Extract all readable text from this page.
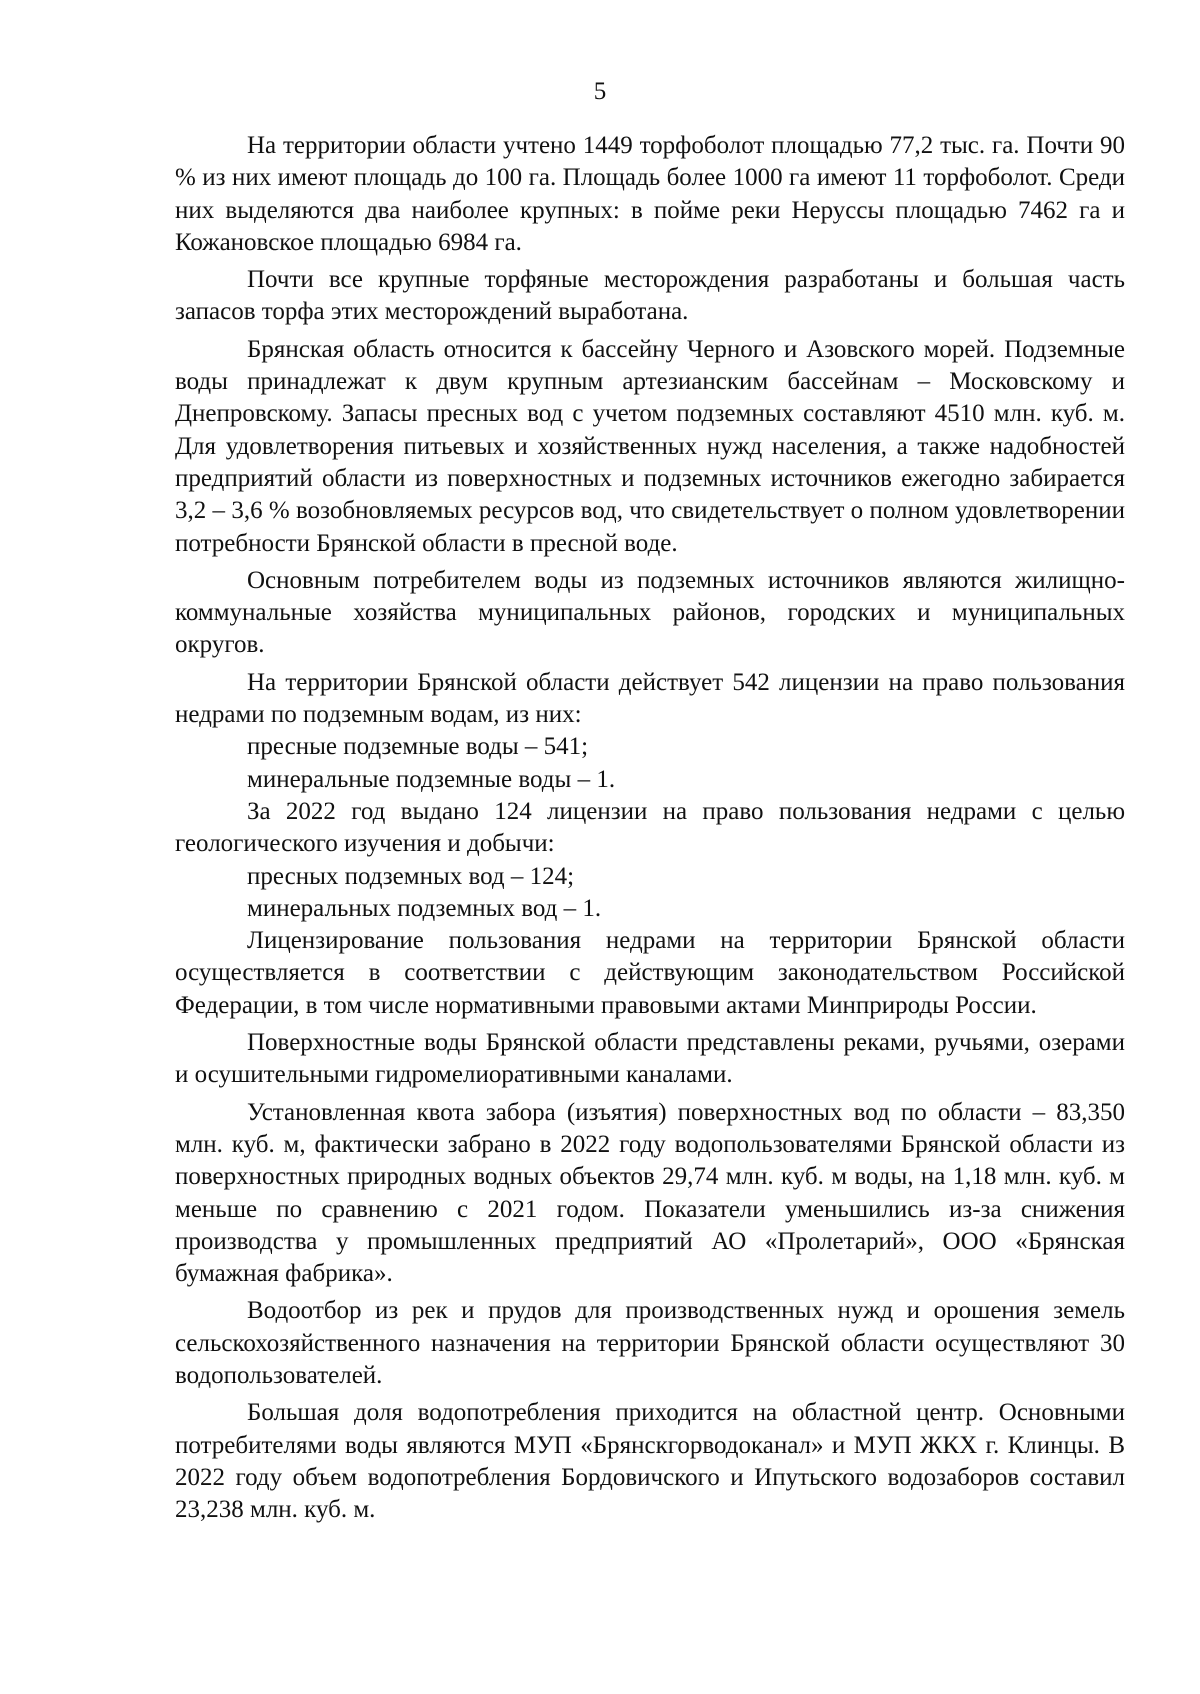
5

На территории области учтено 1449 торфоболот площадью 77,2 тыс. га. Почти 90 % из них имеют площадь до 100 га. Площадь более 1000 га имеют 11 торфоболот. Среди них выделяются два наиболее крупных: в пойме реки Неруссы площадью 7462 га и Кожановское площадью 6984 га.

Почти все крупные торфяные месторождения разработаны и большая часть запасов торфа этих месторождений выработана.

Брянская область относится к бассейну Черного и Азовского морей. Подземные воды принадлежат к двум крупным артезианским бассейнам – Московскому и Днепровскому. Запасы пресных вод с учетом подземных составляют 4510 млн. куб. м. Для удовлетворения питьевых и хозяйственных нужд населения, а также надобностей предприятий области из поверхностных и подземных источников ежегодно забирается 3,2 – 3,6 % возобновляемых ресурсов вод, что свидетельствует о полном удовлетворении потребности Брянской области в пресной воде.

Основным потребителем воды из подземных источников являются жилищно-коммунальные хозяйства муниципальных районов, городских и муниципальных округов.

На территории Брянской области действует 542 лицензии на право пользования недрами по подземным водам, из них:

пресные подземные воды – 541;

минеральные подземные воды – 1.

За 2022 год выдано 124 лицензии на право пользования недрами с целью геологического изучения и добычи:

пресных подземных вод – 124;

минеральных подземных вод – 1.

Лицензирование пользования недрами на территории Брянской области осуществляется в соответствии с действующим законодательством Российской Федерации, в том числе нормативными правовыми актами Минприроды России.

Поверхностные воды Брянской области представлены реками, ручьями, озерами и осушительными гидромелиоративными каналами.

Установленная квота забора (изъятия) поверхностных вод по области – 83,350 млн. куб. м, фактически забрано в 2022 году водопользователями Брянской области из поверхностных природных водных объектов 29,74 млн. куб. м воды, на 1,18 млн. куб. м меньше по сравнению с 2021 годом. Показатели уменьшились из-за снижения производства у промышленных предприятий АО «Пролетарий», ООО «Брянская бумажная фабрика».

Водоотбор из рек и прудов для производственных нужд и орошения земель сельскохозяйственного назначения на территории Брянской области осуществляют 30 водопользователей.

Большая доля водопотребления приходится на областной центр. Основными потребителями воды являются МУП «Брянскгорводоканал» и МУП ЖКХ г. Клинцы. В 2022 году объем водопотребления Бордовичского и Ипутьского водозаборов составил 23,238 млн. куб. м.
